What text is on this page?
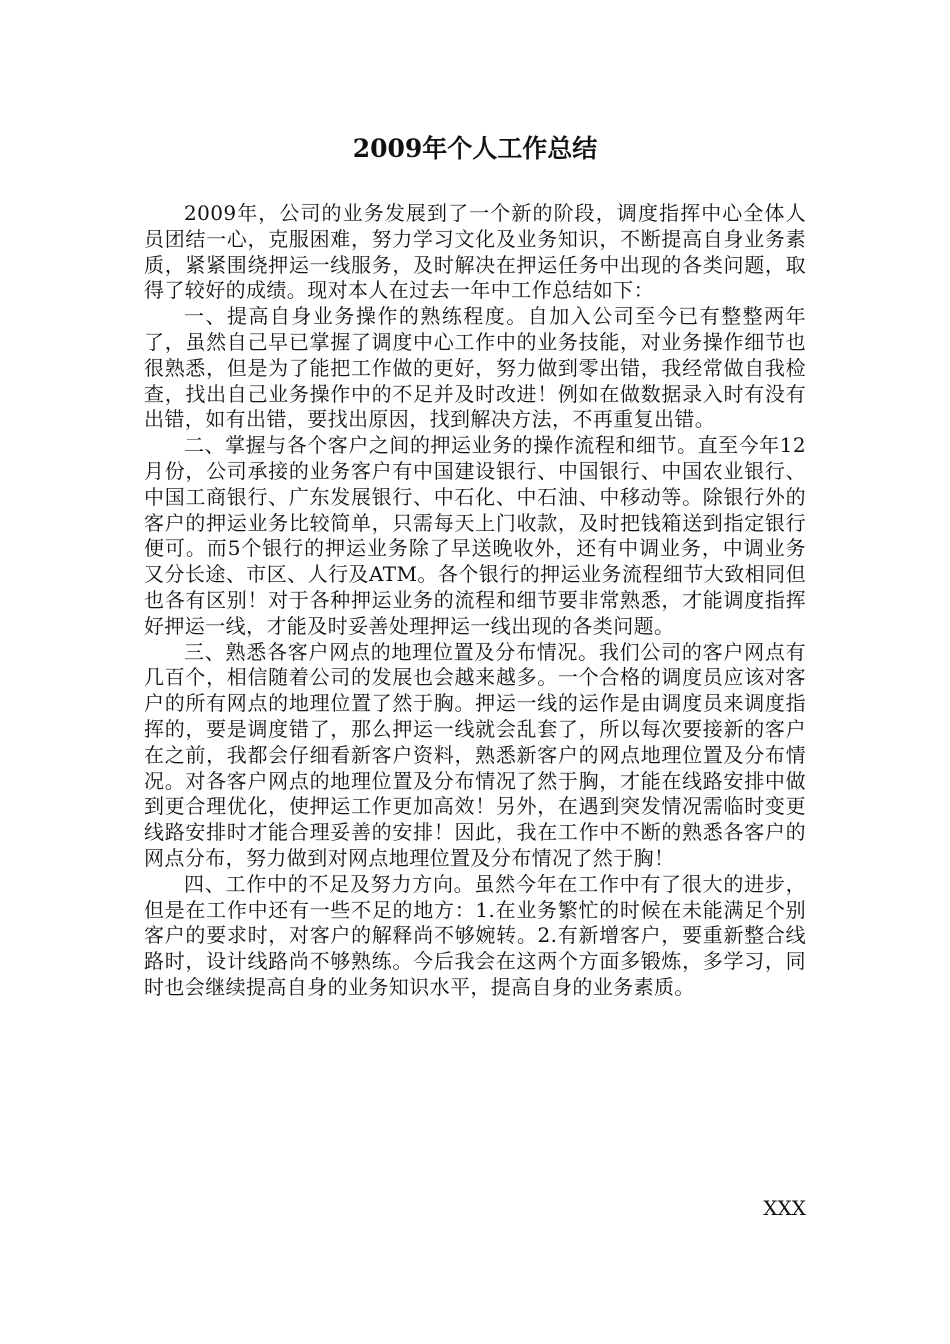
2009年个人工作总结

2009年，公司的业务发展到了一个新的阶段，调度指挥中心全体人员团结一心，克服困难，努力学习文化及业务知识，不断提高自身业务素质，紧紧围绕押运一线服务，及时解决在押运任务中出现的各类问题，取得了较好的成绩。现对本人在过去一年中工作总结如下：

一、提高自身业务操作的熟练程度。自加入公司至今已有整整两年了，虽然自己早已掌握了调度中心工作中的业务技能，对业务操作细节也很熟悉，但是为了能把工作做的更好，努力做到零出错，我经常做自我检查，找出自己业务操作中的不足并及时改进！例如在做数据录入时有没有出错，如有出错，要找出原因，找到解决方法，不再重复出错。

二、掌握与各个客户之间的押运业务的操作流程和细节。直至今年12月份，公司承接的业务客户有中国建设银行、中国银行、中国农业银行、中国工商银行、广东发展银行、中石化、中石油、中移动等。除银行外的客户的押运业务比较简单，只需每天上门收款，及时把钱箱送到指定银行便可。而5个银行的押运业务除了早送晚收外，还有中调业务，中调业务又分长途、市区、人行及ATM。各个银行的押运业务流程细节大致相同但也各有区别！对于各种押运业务的流程和细节要非常熟悉，才能调度指挥好押运一线，才能及时妥善处理押运一线出现的各类问题。

三、熟悉各客户网点的地理位置及分布情况。我们公司的客户网点有几百个，相信随着公司的发展也会越来越多。一个合格的调度员应该对客户的所有网点的地理位置了然于胸。押运一线的运作是由调度员来调度指挥的，要是调度错了，那么押运一线就会乱套了，所以每次要接新的客户在之前，我都会仔细看新客户资料，熟悉新客户的网点地理位置及分布情况。对各客户网点的地理位置及分布情况了然于胸，才能在线路安排中做到更合理优化，使押运工作更加高效！另外，在遇到突发情况需临时变更线路安排时才能合理妥善的安排！因此，我在工作中不断的熟悉各客户的网点分布，努力做到对网点地理位置及分布情况了然于胸！

四、工作中的不足及努力方向。虽然今年在工作中有了很大的进步，但是在工作中还有一些不足的地方：1.在业务繁忙的时候在未能满足个别客户的要求时，对客户的解释尚不够婉转。2.有新增客户，要重新整合线路时，设计线路尚不够熟练。今后我会在这两个方面多锻炼，多学习，同时也会继续提高自身的业务知识水平，提高自身的业务素质。

XXX
